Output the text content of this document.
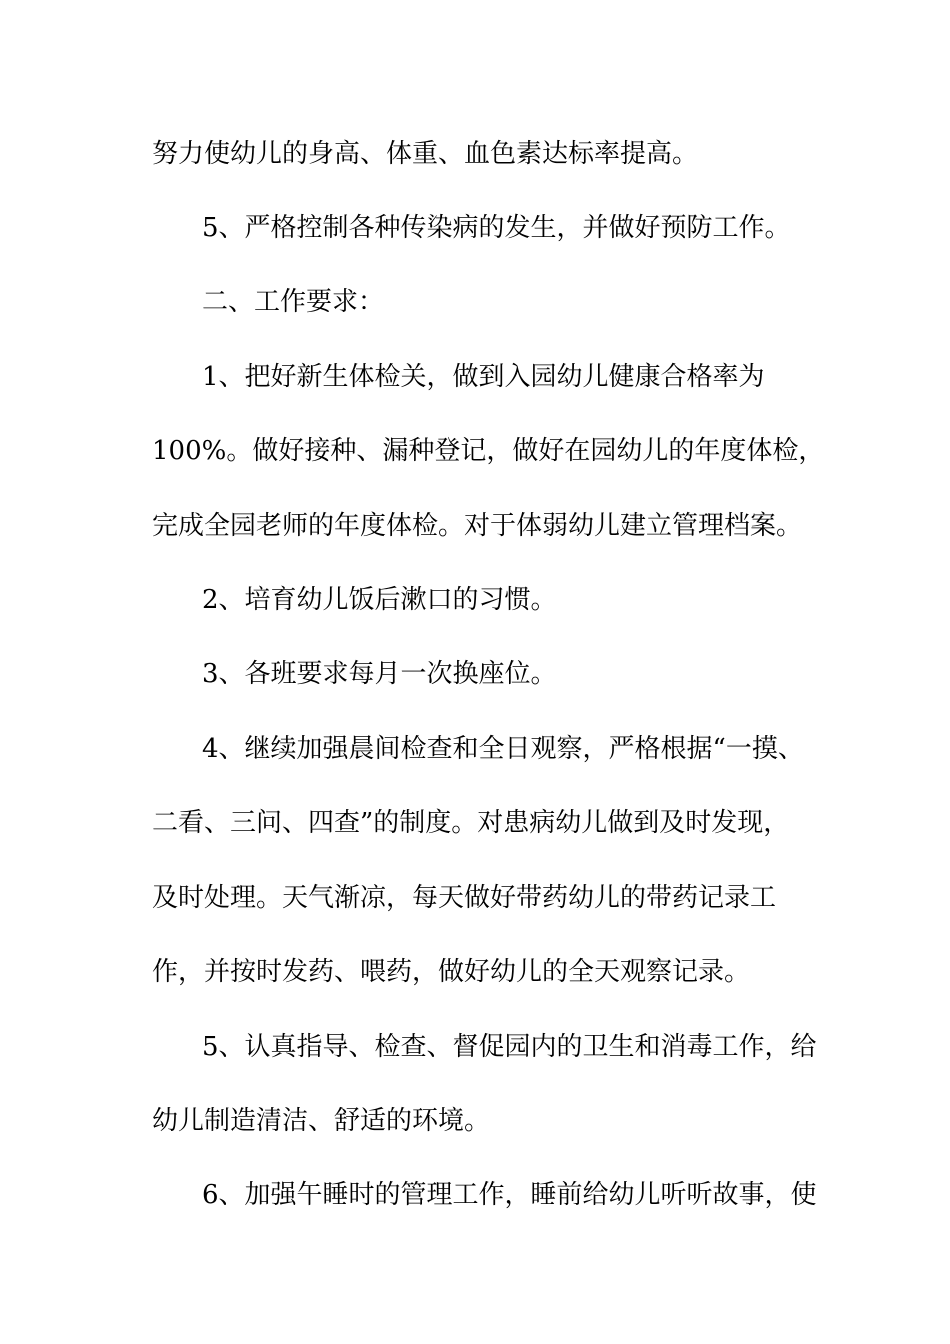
努力使幼儿的身高、体重、血色素达标率提高。
5、严格控制各种传染病的发生，并做好预防工作。
二、工作要求：
1、把好新生体检关，做到入园幼儿健康合格率为
100%。做好接种、漏种登记，做好在园幼儿的年度体检，
完成全园老师的年度体检。对于体弱幼儿建立管理档案。
2、培育幼儿饭后漱口的习惯。
3、各班要求每月一次换座位。
4、继续加强晨间检查和全日观察，严格根据“一摸、
二看、三问、四查”的制度。对患病幼儿做到及时发现，
及时处理。天气渐凉，每天做好带药幼儿的带药记录工
作，并按时发药、喂药，做好幼儿的全天观察记录。
5、认真指导、检查、督促园内的卫生和消毒工作，给
幼儿制造清洁、舒适的环境。
6、加强午睡时的管理工作，睡前给幼儿听听故事，使
